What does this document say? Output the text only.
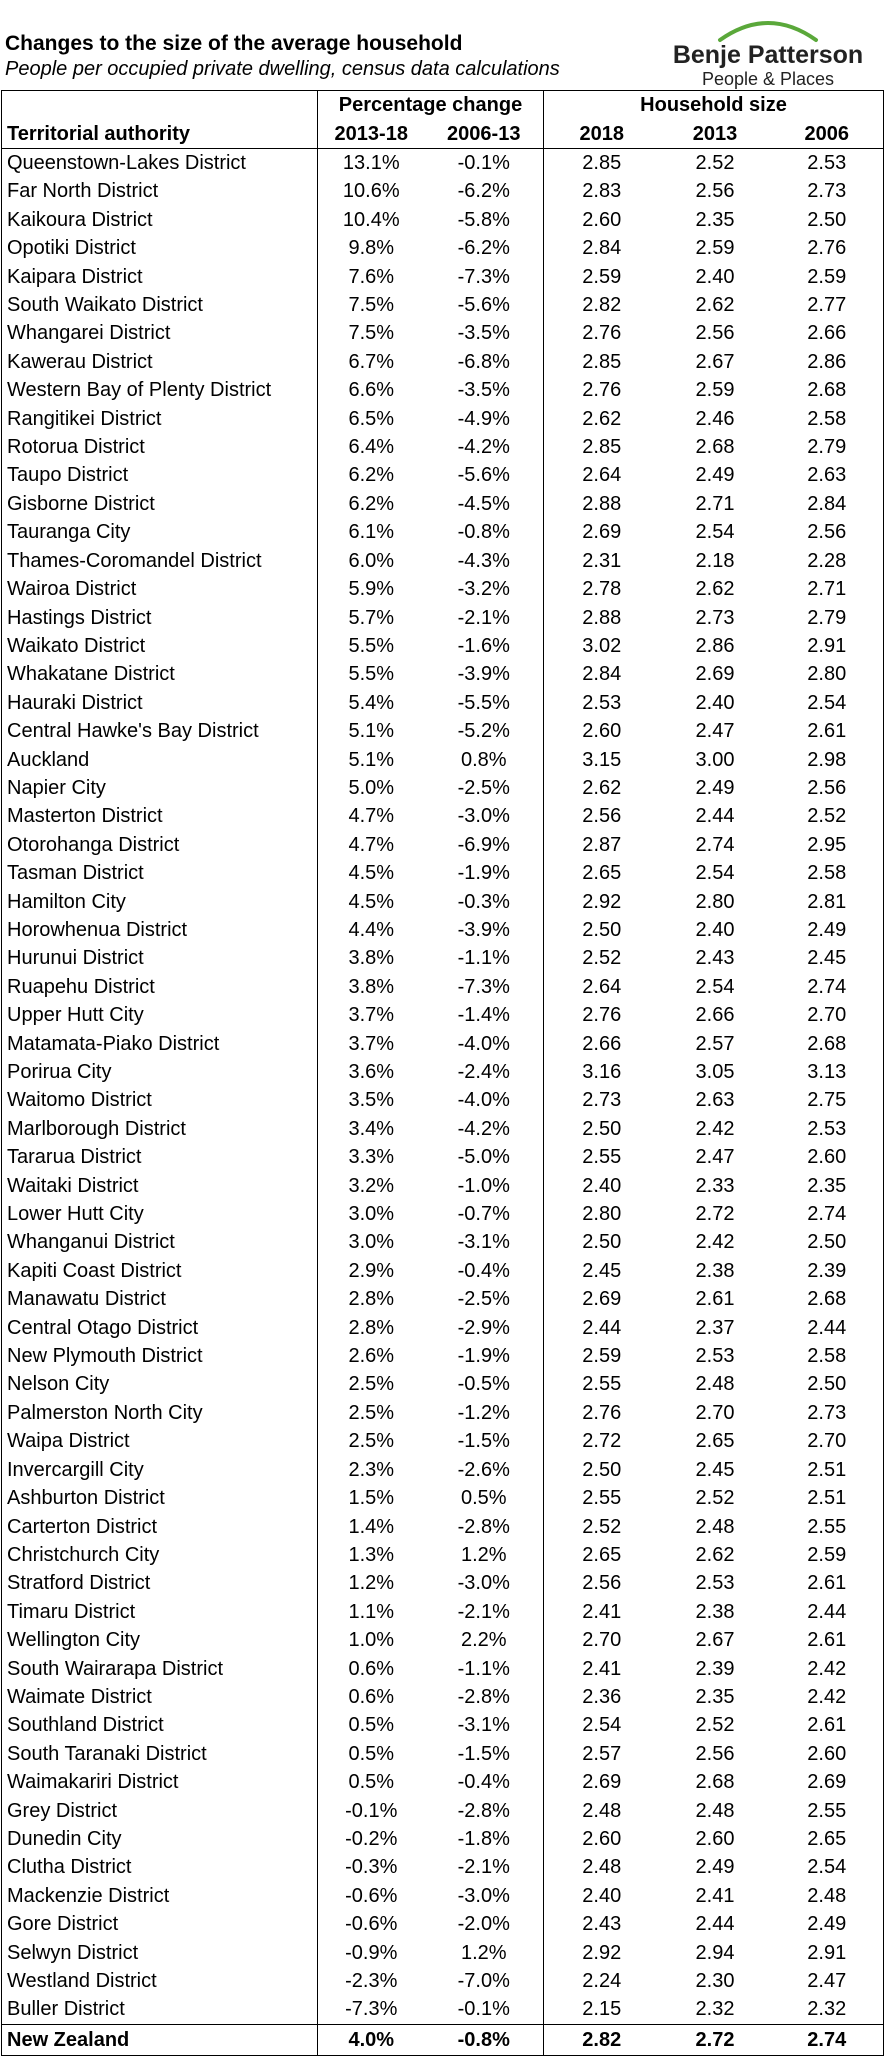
Changes to the size of the average household
People per occupied private dwelling, census data calculations	Benje Patterson
People & Places
	Percentage change		Household size		
Territorial authority	2013-18	2006-13	2018	2013	2006
Queenstown-Lakes District	13.1%	-0.1%	2.85	2.52	2.53
Far North District	10.6%	-6.2%	2.83	2.56	2.73
Kaikoura District	10.4%	-5.8%	2.60	2.35	2.50
Opotiki District	9.8%	-6.2%	2.84	2.59	2.76
Kaipara District	7.6%	-7.3%	2.59	2.40	2.59
South Waikato District	7.5%	-5.6%	2.82	2.62	2.77
Whangarei District	7.5%	-3.5%	2.76	2.56	2.66
Kawerau District	6.7%	-6.8%	2.85	2.67	2.86
Western Bay of Plenty District	6.6%	-3.5%	2.76	2.59	2.68
Rangitikei District	6.5%	-4.9%	2.62	2.46	2.58
Rotorua District	6.4%	-4.2%	2.85	2.68	2.79
Taupo District	6.2%	-5.6%	2.64	2.49	2.63
Gisborne District	6.2%	-4.5%	2.88	2.71	2.84
Tauranga City	6.1%	-0.8%	2.69	2.54	2.56
Thames-Coromandel District	6.0%	-4.3%	2.31	2.18	2.28
Wairoa District	5.9%	-3.2%	2.78	2.62	2.71
Hastings District	5.7%	-2.1%	2.88	2.73	2.79
Waikato District	5.5%	-1.6%	3.02	2.86	2.91
Whakatane District	5.5%	-3.9%	2.84	2.69	2.80
Hauraki District	5.4%	-5.5%	2.53	2.40	2.54
Central Hawke's Bay District	5.1%	-5.2%	2.60	2.47	2.61
Auckland	5.1%	0.8%	3.15	3.00	2.98
Napier City	5.0%	-2.5%	2.62	2.49	2.56
Masterton District	4.7%	-3.0%	2.56	2.44	2.52
Otorohanga District	4.7%	-6.9%	2.87	2.74	2.95
Tasman District	4.5%	-1.9%	2.65	2.54	2.58
Hamilton City	4.5%	-0.3%	2.92	2.80	2.81
Horowhenua District	4.4%	-3.9%	2.50	2.40	2.49
Hurunui District	3.8%	-1.1%	2.52	2.43	2.45
Ruapehu District	3.8%	-7.3%	2.64	2.54	2.74
Upper Hutt City	3.7%	-1.4%	2.76	2.66	2.70
Matamata-Piako District	3.7%	-4.0%	2.66	2.57	2.68
Porirua City	3.6%	-2.4%	3.16	3.05	3.13
Waitomo District	3.5%	-4.0%	2.73	2.63	2.75
Marlborough District	3.4%	-4.2%	2.50	2.42	2.53
Tararua District	3.3%	-5.0%	2.55	2.47	2.60
Waitaki District	3.2%	-1.0%	2.40	2.33	2.35
Lower Hutt City	3.0%	-0.7%	2.80	2.72	2.74
Whanganui District	3.0%	-3.1%	2.50	2.42	2.50
Kapiti Coast District	2.9%	-0.4%	2.45	2.38	2.39
Manawatu District	2.8%	-2.5%	2.69	2.61	2.68
Central Otago District	2.8%	-2.9%	2.44	2.37	2.44
New Plymouth District	2.6%	-1.9%	2.59	2.53	2.58
Nelson City	2.5%	-0.5%	2.55	2.48	2.50
Palmerston North City	2.5%	-1.2%	2.76	2.70	2.73
Waipa District	2.5%	-1.5%	2.72	2.65	2.70
Invercargill City	2.3%	-2.6%	2.50	2.45	2.51
Ashburton District	1.5%	0.5%	2.55	2.52	2.51
Carterton District	1.4%	-2.8%	2.52	2.48	2.55
Christchurch City	1.3%	1.2%	2.65	2.62	2.59
Stratford District	1.2%	-3.0%	2.56	2.53	2.61
Timaru District	1.1%	-2.1%	2.41	2.38	2.44
Wellington City	1.0%	2.2%	2.70	2.67	2.61
South Wairarapa District	0.6%	-1.1%	2.41	2.39	2.42
Waimate District	0.6%	-2.8%	2.36	2.35	2.42
Southland District	0.5%	-3.1%	2.54	2.52	2.61
South Taranaki District	0.5%	-1.5%	2.57	2.56	2.60
Waimakariri District	0.5%	-0.4%	2.69	2.68	2.69
Grey District	-0.1%	-2.8%	2.48	2.48	2.55
Dunedin City	-0.2%	-1.8%	2.60	2.60	2.65
Clutha District	-0.3%	-2.1%	2.48	2.49	2.54
Mackenzie District	-0.6%	-3.0%	2.40	2.41	2.48
Gore District	-0.6%	-2.0%	2.43	2.44	2.49
Selwyn District	-0.9%	1.2%	2.92	2.94	2.91
Westland District	-2.3%	-7.0%	2.24	2.30	2.47
Buller District	-7.3%	-0.1%	2.15	2.32	2.32
New Zealand	4.0%	-0.8%	2.82	2.72	2.74
